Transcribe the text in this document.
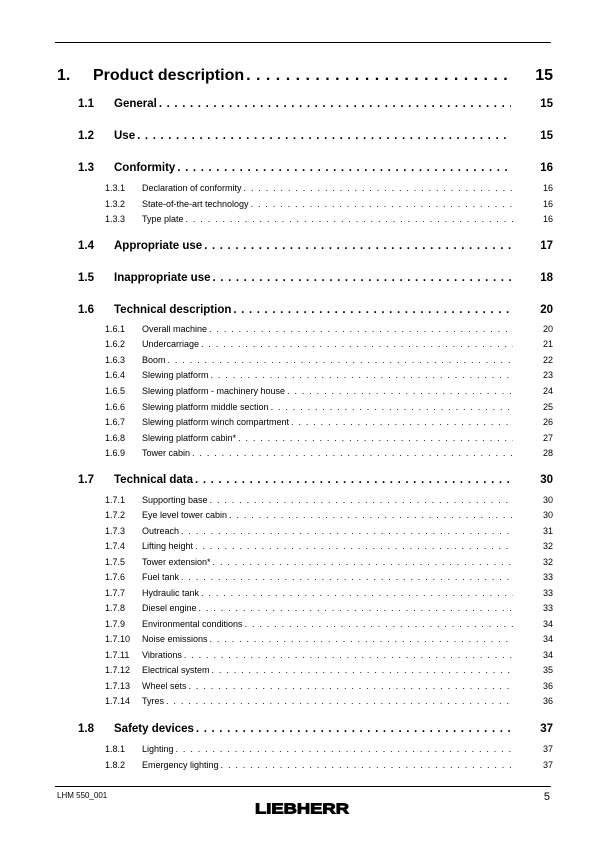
1.	Product description . . .	15
1.1	General . . .	15
1.2	Use . . .	15
1.3	Conformity . . .	16
1.3.1	Declaration of conformity . . .	16
1.3.2	State-of-the-art technology . . .	16
1.3.3	Type plate . . .	16
1.4	Appropriate use . . .	17
1.5	Inappropriate use . . .	18
1.6	Technical description . . .	20
1.6.1	Overall machine . . .	20
1.6.2	Undercarriage . . .	21
1.6.3	Boom . . .	22
1.6.4	Slewing platform . . .	23
1.6.5	Slewing platform - machinery house . . .	24
1.6.6	Slewing platform middle section . . .	25
1.6.7	Slewing platform winch compartment . . .	26
1.6.8	Slewing platform cabin* . . .	27
1.6.9	Tower cabin . . .	28
1.7	Technical data . . .	30
1.7.1	Supporting base . . .	30
1.7.2	Eye level tower cabin . . .	30
1.7.3	Outreach . . .	31
1.7.4	Lifting height . . .	32
1.7.5	Tower extension* . . .	32
1.7.6	Fuel tank . . .	33
1.7.7	Hydraulic tank . . .	33
1.7.8	Diesel engine . . .	33
1.7.9	Environmental conditions . . .	34
1.7.10	Noise emissions . . .	34
1.7.11	Vibrations . . .	34
1.7.12	Electrical system . . .	35
1.7.13	Wheel sets . . .	36
1.7.14	Tyres . . .	36
1.8	Safety devices . . .	37
1.8.1	Lighting . . .	37
1.8.2	Emergency lighting . . .	37
LHM 550_001	5
LIEBHERR
